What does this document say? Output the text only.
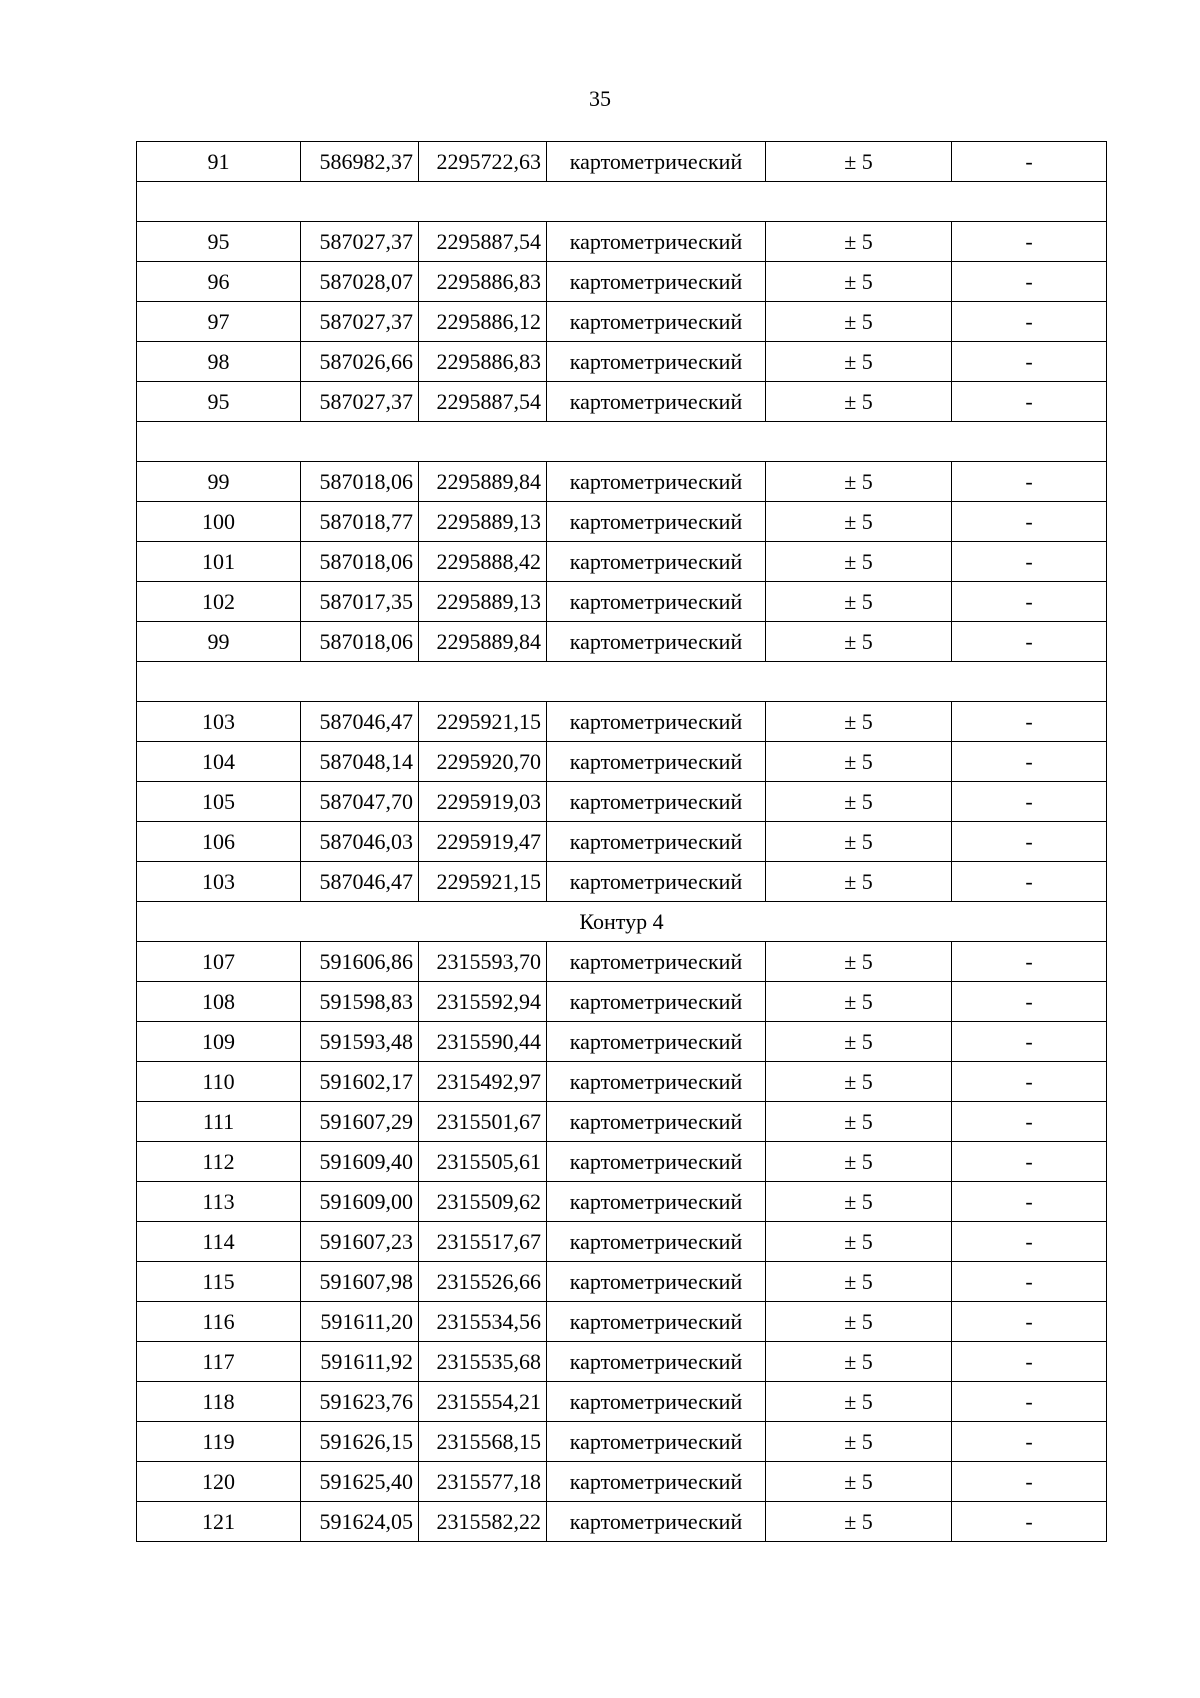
35
91	586982,37	2295722,63	картометрический	± 5	-

95	587027,37	2295887,54	картометрический	± 5	-
96	587028,07	2295886,83	картометрический	± 5	-
97	587027,37	2295886,12	картометрический	± 5	-
98	587026,66	2295886,83	картометрический	± 5	-
95	587027,37	2295887,54	картометрический	± 5	-

99	587018,06	2295889,84	картометрический	± 5	-
100	587018,77	2295889,13	картометрический	± 5	-
101	587018,06	2295888,42	картометрический	± 5	-
102	587017,35	2295889,13	картометрический	± 5	-
99	587018,06	2295889,84	картометрический	± 5	-

103	587046,47	2295921,15	картометрический	± 5	-
104	587048,14	2295920,70	картометрический	± 5	-
105	587047,70	2295919,03	картометрический	± 5	-
106	587046,03	2295919,47	картометрический	± 5	-
103	587046,47	2295921,15	картометрический	± 5	-
Контур 4					
107	591606,86	2315593,70	картометрический	± 5	-
108	591598,83	2315592,94	картометрический	± 5	-
109	591593,48	2315590,44	картометрический	± 5	-
110	591602,17	2315492,97	картометрический	± 5	-
111	591607,29	2315501,67	картометрический	± 5	-
112	591609,40	2315505,61	картометрический	± 5	-
113	591609,00	2315509,62	картометрический	± 5	-
114	591607,23	2315517,67	картометрический	± 5	-
115	591607,98	2315526,66	картометрический	± 5	-
116	591611,20	2315534,56	картометрический	± 5	-
117	591611,92	2315535,68	картометрический	± 5	-
118	591623,76	2315554,21	картометрический	± 5	-
119	591626,15	2315568,15	картометрический	± 5	-
120	591625,40	2315577,18	картометрический	± 5	-
121	591624,05	2315582,22	картометрический	± 5	-
